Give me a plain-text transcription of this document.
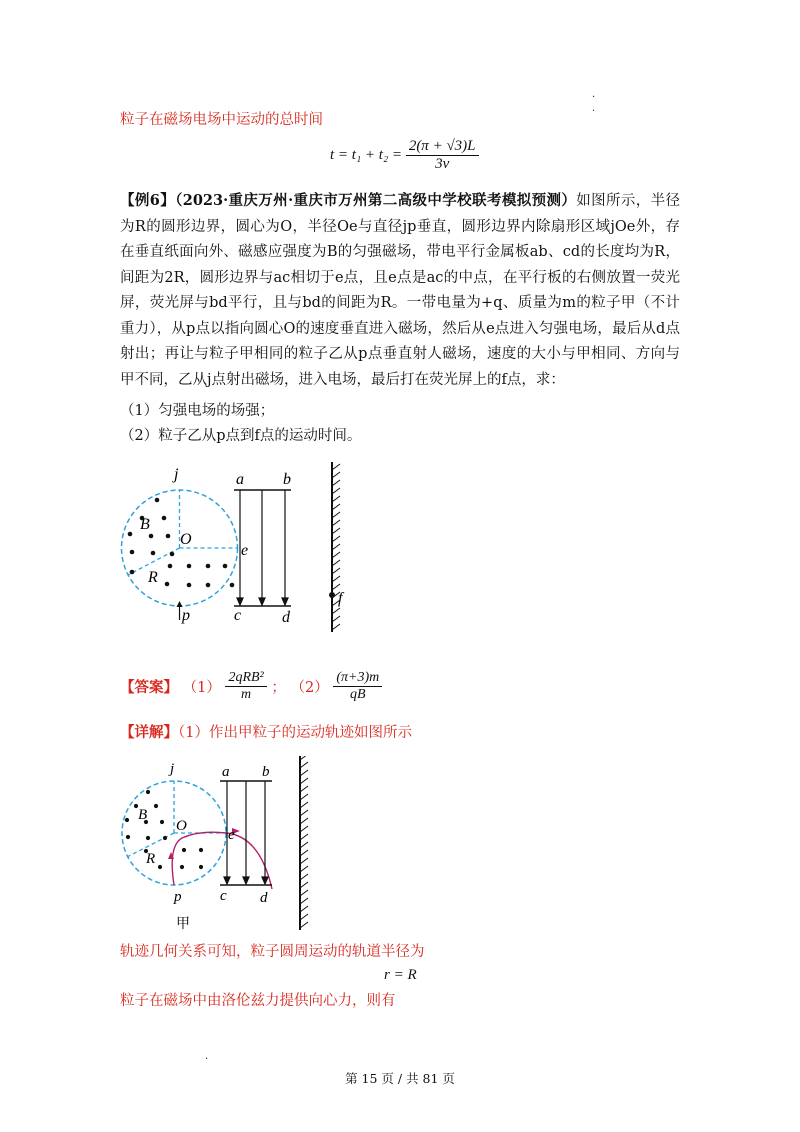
.
.
粒子在磁场电场中运动的总时间
$t = t_1 + t_2 = \frac{2(\pi + √3)L}{3v}$
【例6】（2023·重庆万州·重庆市万州第二高级中学校联考模拟预测）如图所示，半径为R的圆形边界，圆心为O，半径Oe与直径jp垂直，圆形边界内除扇形区域jOe外，存在垂直纸面向外、磁感应强度为B的匀强磁场，带电平行金属板ab、cd的长度均为R，间距为2R，圆形边界与ac相切于e点，且e点是ac的中点，在平行板的右侧放置一荧光屏，荧光屏与bd平行，且与bd的间距为R。一带电量为+q、质量为m的粒子甲（不计重力），从p点以指向圆心O的速度垂直进入磁场，然后从e点进入匀强电场，最后从d点射出；再让与粒子甲相同的粒子乙从p点垂直射人磁场，速度的大小与甲相同、方向与甲不同，乙从j点射出磁场，进入电场，最后打在荧光屏上的f点，求：
（1）匀强电场的场强；
（2）粒子乙从p点到f点的运动时间。
j	a b
B
O
e
R
f
p	c	d
【答案】 $(1) \frac{\text{2qRB²}}{m}$ ； $(2) \frac{(\pi+3)m}{qB}$
【详解】（1）作出甲粒子的运动轨迹如图所示
j	a b
B
O
e
R
p	c d
甲
轨迹几何关系可知，粒子圆周运动的轨道半径为
r = R
粒子在磁场中由洛伦兹力提供向心力，则有
.
第 15 页 / 共 81 页
